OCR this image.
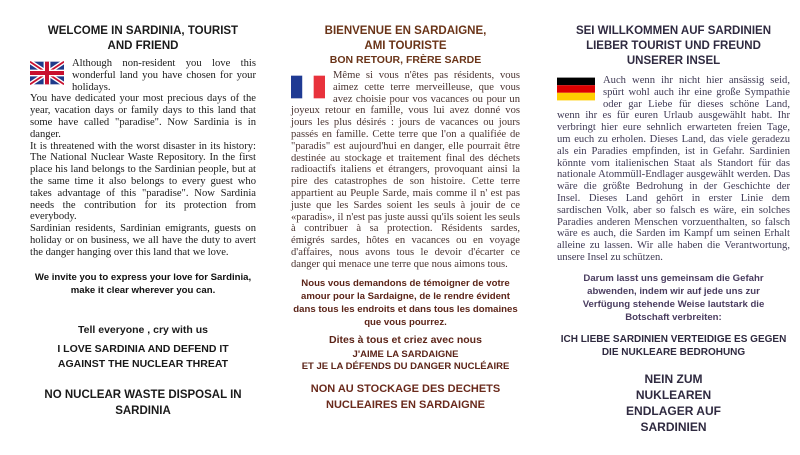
WELCOME IN SARDINIA, TOURIST AND FRIEND

Although non-resident you love this wonderful land you have chosen for your holidays.

You have dedicated your most precious days of the year, vacation days or family days to this land that some have called "paradise". Now Sardinia is in danger.

It is threatened with the worst disaster in its history: The National Nuclear Waste Repository. In the first place his land belongs to the Sardinian people, but at the same time it also belongs to every guest who takes advantage of this "paradise". Now Sardinia needs the contribution for its protection from everybody.

Sardinian residents, Sardinian emigrants, guests on holiday or on business, we all have the duty to avert the danger hanging over this land that we love.

We invite you to express your love for Sardinia, make it clear wherever you can.

Tell everyone , cry with us

I LOVE SARDINIA AND DEFEND IT AGAINST THE NUCLEAR THREAT

NO NUCLEAR WASTE DISPOSAL IN SARDINIA

BIENVENUE EN SARDAIGNE, AMI TOURISTE
BON RETOUR, FRÈRE SARDE

Même si vous n'êtes pas résidents, vous aimez cette terre merveilleuse, que vous avez choisie pour vos vacances ou pour un joyeux retour en famille, vous lui avez donné vos jours les plus désirés : jours de vacances ou jours passés en famille. Cette terre que l'on a qualifiée de "paradis" est aujourd'hui en danger, elle pourrait être destinée au stockage et traitement final des déchets radioactifs italiens et étrangers, provoquant ainsi la pire des catastrophes de son histoire. Cette terre appartient au Peuple Sarde, mais comme il n' est pas juste que les Sardes soient les seuls à jouir de ce «paradis», il n'est pas juste aussi qu'ils soient les seuls à contribuer à sa protection. Résidents sardes, émigrés sardes, hôtes en vacances ou en voyage d'affaires, nous avons tous le devoir d'écarter ce danger qui menace une terre que nous aimons tous.

Nous vous demandons de témoigner de votre amour pour la Sardaigne, de le rendre évident dans tous les endroits et dans tous les domaines que vous pourrez.

Dites à tous et criez avec nous

J'AIME LA SARDAIGNE

ET JE LA DÉFENDS DU DANGER NUCLÉAIRE

NON AU STOCKAGE DES DECHETS NUCLEAIRES EN SARDAIGNE

SEI WILLKOMMEN AUF SARDINIEN LIEBER TOURIST UND FREUND UNSERER INSEL

Auch wenn ihr nicht hier ansässig seid, spürt wohl auch ihr eine große Sympathie oder gar Liebe für dieses schöne Land, wenn ihr es für euren Urlaub ausgewählt habt. Ihr verbringt hier eure sehnlich erwarteten freien Tage, um euch zu erholen. Dieses Land, das viele geradezu als ein Paradies empfinden, ist in Gefahr. Sardinien könnte vom italienischen Staat als Standort für das nationale Atommüll-Endlager ausgewählt werden. Das wäre die größte Bedrohung in der Geschichte der Insel. Dieses Land gehört in erster Linie dem sardischen Volk, aber so falsch es wäre, ein solches Paradies anderen Menschen vorzuenthalten, so falsch wäre es auch, die Sarden im Kampf um seinen Erhalt alleine zu lassen. Wir alle haben die Verantwortung, unsere Insel zu schützen.

Darum lasst uns gemeinsam die Gefahr abwenden, indem wir auf jede uns zur Verfügung stehende Weise lautstark die Botschaft verbreiten:

ICH LIEBE SARDINIEN VERTEIDIGE ES GEGEN DIE NUKLEARE BEDROHUNG

NEIN ZUM NUKLEAREN ENDLAGER AUF SARDINIEN
